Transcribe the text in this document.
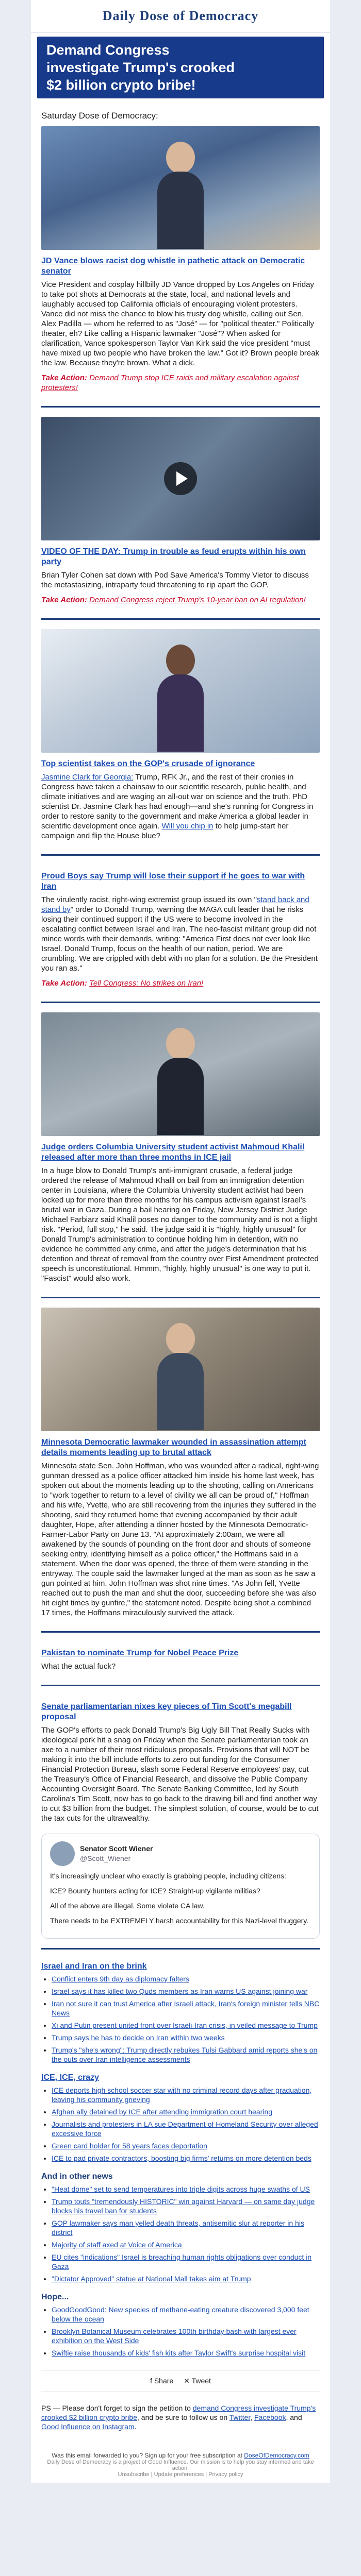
Daily Dose of Democracy
Demand Congress
investigate Trump's crooked
$2 billion crypto bribe!
Saturday Dose of Democracy:
JD Vance blows racist dog whistle in pathetic attack on Democratic senator
Vice President and cosplay hillbilly JD Vance dropped by Los Angeles on Friday to take pot shots at Democrats at the state, local, and national levels and laughably accused top California officials of encouraging violent protesters. Vance did not miss the chance to blow his trusty dog whistle, calling out Sen. Alex Padilla — whom he referred to as "José" — for "political theater." Politically theater, eh? Like calling a Hispanic lawmaker "José"? When asked for clarification, Vance spokesperson Taylor Van Kirk said the vice president "must have mixed up two people who have broken the law." Got it? Brown people break the law. Because they're brown. What a dick.

Take Action: Demand Trump stop ICE raids and military escalation against protesters!

VIDEO OF THE DAY: Trump in trouble as feud erupts within his own party
Brian Tyler Cohen sat down with Pod Save America's Tommy Vietor to discuss the metastasizing, intraparty feud threatening to rip apart the GOP.

Take Action: Demand Congress reject Trump's 10-year ban on AI regulation!

Top scientist takes on the GOP's crusade of ignorance
Jasmine Clark for Georgia: Trump, RFK Jr., and the rest of their cronies in Congress have taken a chainsaw to our scientific research, public health, and climate initiatives and are waging an all-out war on science and the truth. PhD scientist Dr. Jasmine Clark has had enough—and she's running for Congress in order to restore sanity to the government and make America a global leader in scientific development once again. Will you chip in to help jump-start her campaign and flip the House blue?
Proud Boys say Trump will lose their support if he goes to war with Iran
The virulently racist, right-wing extremist group issued its own "stand back and stand by" order to Donald Trump, warning the MAGA cult leader that he risks losing their continued support if the US were to become involved in the escalating conflict between Israel and Iran. The neo-fascist militant group did not mince words with their demands, writing: "America First does not ever look like Israel. Donald Trump, focus on the health of our nation, period. We are crumbling. We are crippled with debt with no plan for a solution. Be the President you ran as."

Take Action: Tell Congress: No strikes on Iran!

Judge orders Columbia University student activist Mahmoud Khalil released after more than three months in ICE jail
In a huge blow to Donald Trump's anti-immigrant crusade, a federal judge ordered the release of Mahmoud Khalil on bail from an immigration detention center in Louisiana, where the Columbia University student activist had been locked up for more than three months for his campus activism against Israel's brutal war in Gaza. During a bail hearing on Friday, New Jersey District Judge Michael Farbiarz said Khalil poses no danger to the community and is not a flight risk. "Period, full stop," he said. The judge said it is "highly, highly unusual" for Donald Trump's administration to continue holding him in detention, with no evidence he committed any crime, and after the judge's determination that his detention and threat of removal from the country over First Amendment protected speech is unconstitutional. Hmmm, "highly, highly unusual" is one way to put it. "Fascist" would also work.
Minnesota Democratic lawmaker wounded in assassination attempt details moments leading up to brutal attack
Minnesota state Sen. John Hoffman, who was wounded after a radical, right-wing gunman dressed as a police officer attacked him inside his home last week, has spoken out about the moments leading up to the shooting, calling on Americans to "work together to return to a level of civility we all can be proud of," Hoffman and his wife, Yvette, who are still recovering from the injuries they suffered in the shooting, said they returned home that evening accompanied by their adult daughter, Hope, after attending a dinner hosted by the Minnesota Democratic-Farmer-Labor Party on June 13. "At approximately 2:00am, we were all awakened by the sounds of pounding on the front door and shouts of someone seeking entry, identifying himself as a police officer," the Hoffmans said in a statement. When the door was opened, the three of them were standing in the entryway. The couple said the lawmaker lunged at the man as soon as he saw a gun pointed at him. John Hoffman was shot nine times. "As John fell, Yvette reached out to push the man and shut the door, succeeding before she was also hit eight times by gunfire," the statement noted. Despite being shot a combined 17 times, the Hoffmans miraculously survived the attack.
Pakistan to nominate Trump for Nobel Peace Prize
What the actual fuck?
Senate parliamentarian nixes key pieces of Tim Scott's megabill proposal
The GOP's efforts to pack Donald Trump's Big Ugly Bill That Really Sucks with ideological pork hit a snag on Friday when the Senate parliamentarian took an axe to a number of their most ridiculous proposals. Provisions that will NOT be making it into the bill include efforts to zero out funding for the Consumer Financial Protection Bureau, slash some Federal Reserve employees' pay, cut the Treasury's Office of Financial Research, and dissolve the Public Company Accounting Oversight Board. The Senate Banking Committee, led by South Carolina's Tim Scott, now has to go back to the drawing bill and find another way to cut $3 billion from the budget. The simplest solution, of course, would be to cut the tax cuts for the ultrawealthy.
Senator Scott Wiener
@Scott_Wiener

It's increasingly unclear who exactly is grabbing people, including citizens:

ICE? Bounty hunters acting for ICE? Straight-up vigilante militias?

All of the above are illegal. Some violate CA law.

There needs to be EXTREMELY harsh accountability for this Nazi-level thuggery.

Israel and Iran on the brink
• Conflict enters 9th day as diplomacy falters
• Israel says it has killed two Quds members as Iran warns US against joining war
• Iran not sure it can trust America after Israeli attack, Iran's foreign minister tells NBC News
• Xi and Putin present united front over Israeli-Iran crisis, in veiled message to Trump
• Trump says he has to decide on Iran within two weeks
• Trump's "she's wrong": Trump directly rebukes Tulsi Gabbard amid reports she's on the outs over Iran intelligence assessments
ICE, ICE, crazy
• ICE deports high school soccer star with no criminal record days after graduation, leaving his community grieving
• Afghan ally detained by ICE after attending immigration court hearing
• Journalists and protesters in LA sue Department of Homeland Security over alleged excessive force
• Green card holder for 58 years faces deportation
• ICE to pad private contractors, boosting big firms' returns on more detention beds
And in other news
• "Heat dome" set to send temperatures into triple digits across huge swaths of US
• Trump touts "tremendously HISTORIC" win against Harvard — on same day judge blocks his travel ban for students
• GOP lawmaker says man yelled death threats, antisemitic slur at reporter in his district
• Majority of staff axed at Voice of America
• EU cites "indications" Israel is breaching human rights obligations over conduct in Gaza
• "Dictator Approved" statue at National Mall takes aim at Trump
Hope...
• GoodGoodGood: New species of methane-eating creature discovered 3,000 feet below the ocean
• Brooklyn Botanical Museum celebrates 100th birthday bash with largest ever exhibition on the West Side
• Swiftie raise thousands of kids' fish kits after Taylor Swift's surprise hospital visit
f Share ✕ Tweet
PS — Please don't forget to sign the petition to demand Congress investigate Trump's crooked $2 billion crypto bribe, and be sure to follow us on Twitter, Facebook, and Good Influence on Instagram.
Was this email forwarded to you? Sign up for your free subscription at DoseOfDemocracy.com
Daily Dose of Democracy is a project of Good Influence. Our mission is to help you stay informed and take action.
Unsubscribe | Update preferences | Privacy policy
